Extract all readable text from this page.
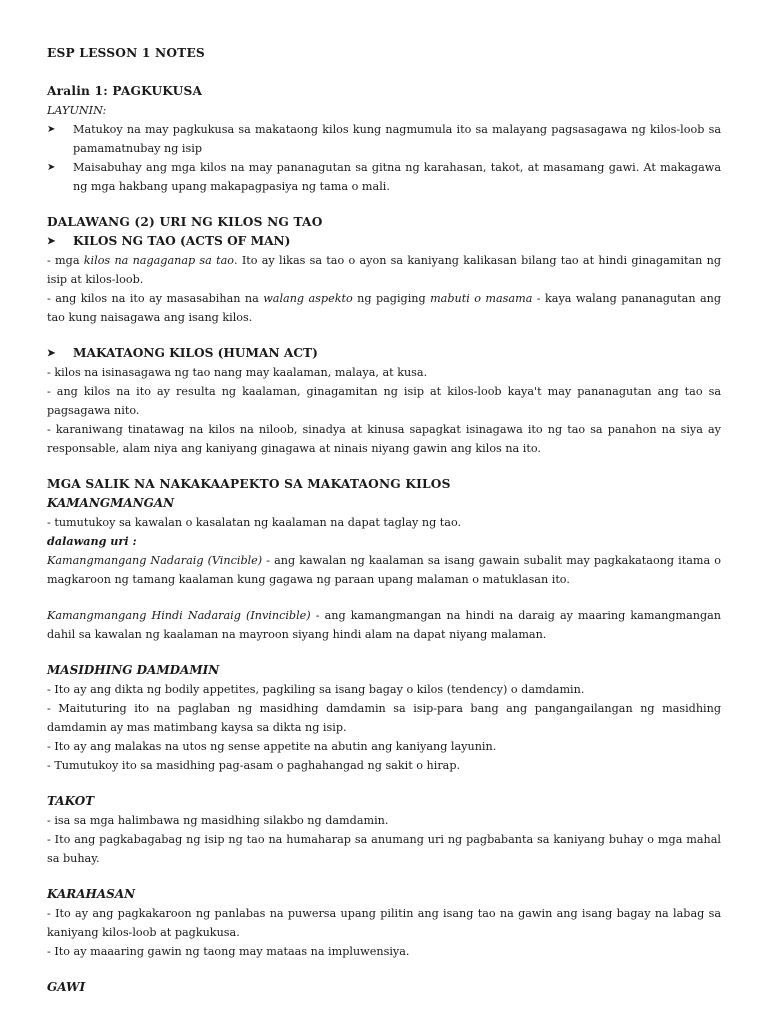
ESP LESSON 1 NOTES
Aralin 1: PAGKUKUSA
LAYUNIN:
➤	Matukoy na may pagkukusa sa makataong kilos kung nagmumula ito sa malayang pagsasagawa ng kilos-loob sa pamamatnubay ng isip
➤	Maisabuhay ang mga kilos na may pananagutan sa gitna ng karahasan, takot, at masamang gawi. At makagawa ng mga hakbang upang makapagpasiya ng tama o mali.
DALAWANG (2) URI NG KILOS NG TAO
➤	KILOS NG TAO (ACTS OF MAN)
- mga kilos na nagaganap sa tao. Ito ay likas sa tao o ayon sa kaniyang kalikasan bilang tao at hindi ginagamitan ng isip at kilos-loob.
- ang kilos na ito ay masasabihan na walang aspekto ng pagiging mabuti o masama - kaya walang pananagutan ang tao kung naisagawa ang isang kilos.
➤	MAKATAONG KILOS (HUMAN ACT)
- kilos na isinasagawa ng tao nang may kaalaman, malaya, at kusa.
- ang kilos na ito ay resulta ng kaalaman, ginagamitan ng isip at kilos-loob kaya't may pananagutan ang tao sa pagsagawa nito.
- karaniwang tinatawag na kilos na niloob, sinadya at kinusa sapagkat isinagawa ito ng tao sa panahon na siya ay responsable, alam niya ang kaniyang ginagawa at ninais niyang gawin ang kilos na ito.
MGA SALIK NA NAKAKAAPEKTO SA MAKATAONG KILOS
KAMANGMANGAN
- tumutukoy sa kawalan o kasalatan ng kaalaman na dapat taglay ng tao.
dalawang uri :
Kamangmangang Nadaraig (Vincible) - ang kawalan ng kaalaman sa isang gawain subalit may pagkakataong itama o magkaroon ng tamang kaalaman kung gagawa ng paraan upang malaman o matuklasan ito.
Kamangmangang Hindi Nadaraig (Invincible) - ang kamangmangan na hindi na daraig ay maaring kamangmangan dahil sa kawalan ng kaalaman na mayroon siyang hindi alam na dapat niyang malaman.
MASIDHING DAMDAMIN
- Ito ay ang dikta ng bodily appetites, pagkiling sa isang bagay o kilos (tendency) o damdamin.
- Maituturing ito na paglaban ng masidhing damdamin sa isip-para bang ang pangangailangan ng masidhing damdamin ay mas matimbang kaysa sa dikta ng isip.
- Ito ay ang malakas na utos ng sense appetite na abutin ang kaniyang layunin.
- Tumutukoy ito sa masidhing pag-asam o paghahangad ng sakit o hirap.
TAKOT
- isa sa mga halimbawa ng masidhing silakbo ng damdamin.
- Ito ang pagkabagabag ng isip ng tao na humaharap sa anumang uri ng pagbabanta sa kaniyang buhay o mga mahal sa buhay.
KARAHASAN
- Ito ay ang pagkakaroon ng panlabas na puwersa upang pilitin ang isang tao na gawin ang isang bagay na labag sa kaniyang kilos-loob at pagkukusa.
- Ito ay maaaring gawin ng taong may mataas na impluwensiya.
GAWI
